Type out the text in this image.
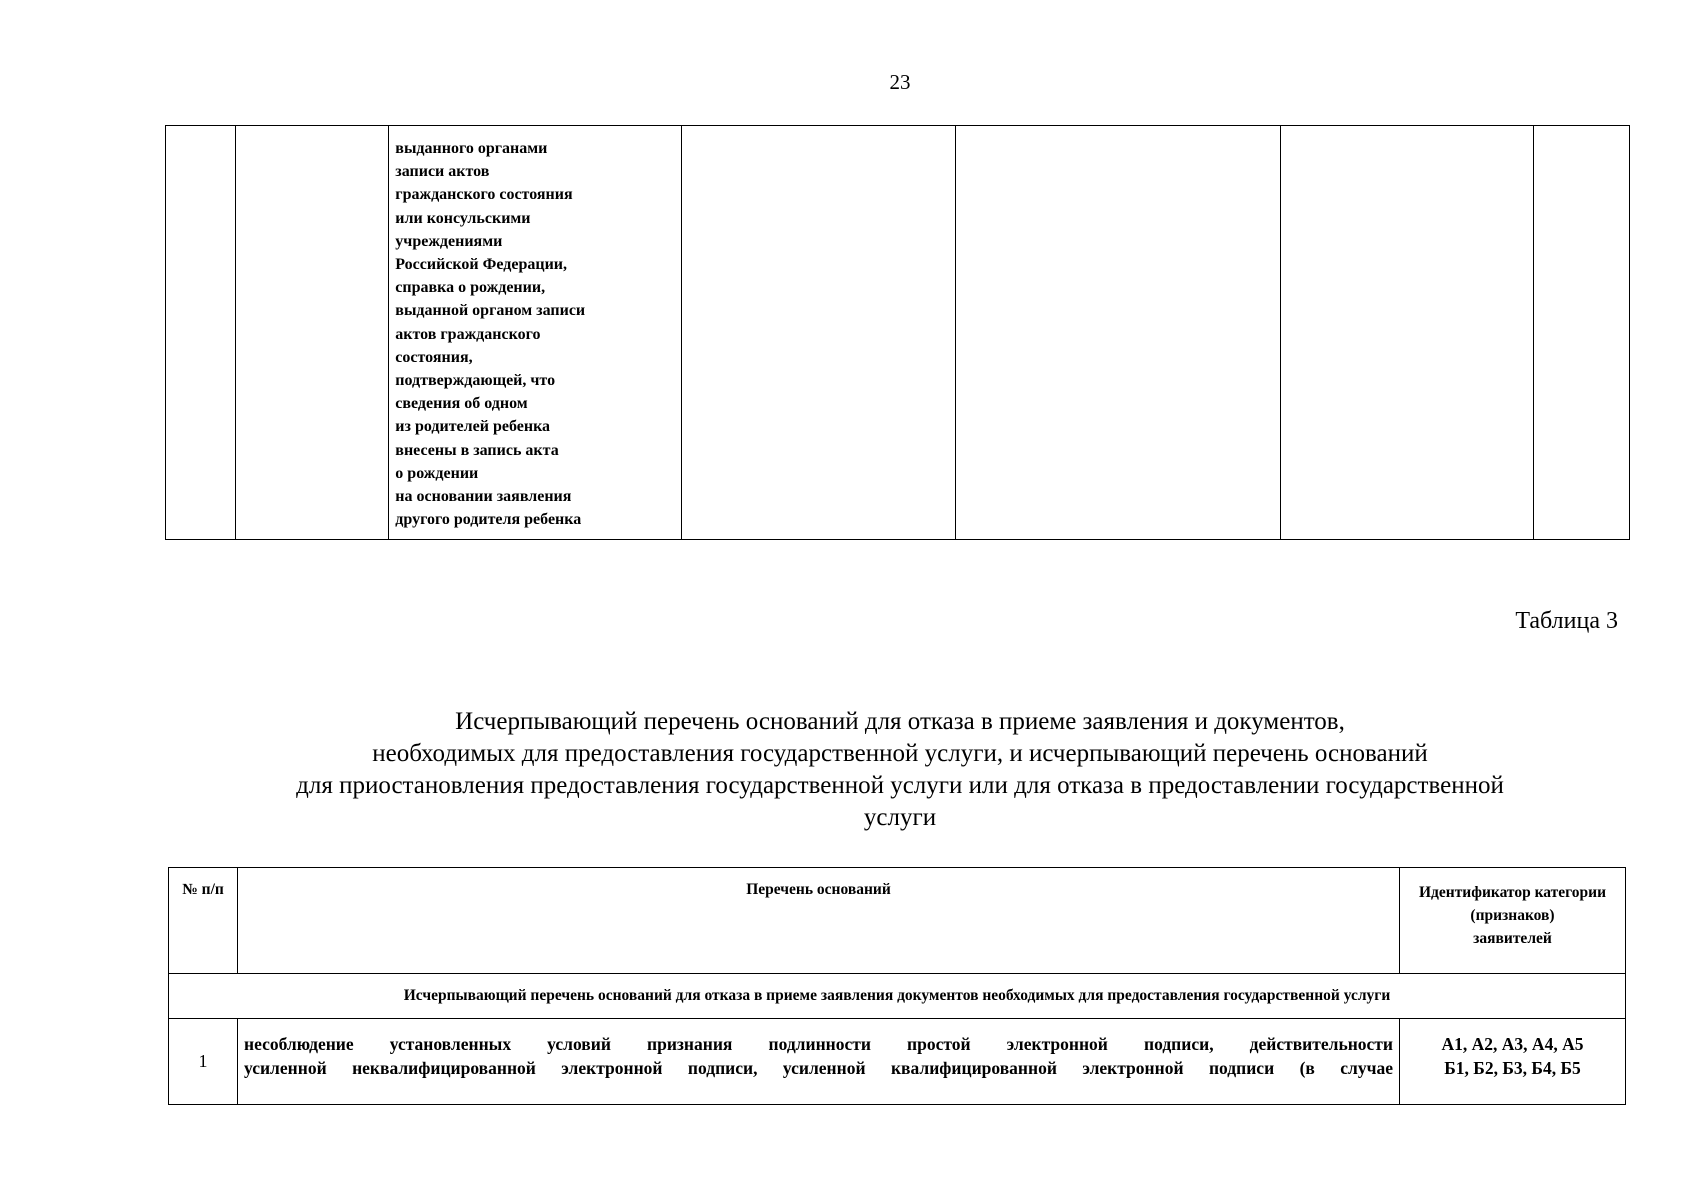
23

выданного органами
записи актов
гражданского состояния
или консульскими
учреждениями
Российской Федерации,
справка о рождении,
выданной органом записи
актов гражданского
состояния,
подтверждающей, что
сведения об одном
из родителей ребенка
внесены в запись акта
о рождении
на основании заявления
другого родителя ребенка

Таблица 3
Исчерпывающий перечень оснований для отказа в приеме заявления и документов,
необходимых для предоставления государственной услуги, и исчерпывающий перечень оснований
для приостановления предоставления государственной услуги или для отказа в предоставлении государственной
услуги
№ п/п	Перечень оснований	Идентификатор категории
(признаков)
заявителей

Исчерпывающий перечень оснований для отказа в приеме заявления документов необходимых для предоставления государственной услуги		
1	несоблюдение установленных условий признания подлинности простой электронной подписи, действительности
усиленной неквалифицированной электронной подписи, усиленной квалифицированной электронной подписи (в случае	А1, А2, А3, А4, А5
Б1, Б2, Б3, Б4, Б5
